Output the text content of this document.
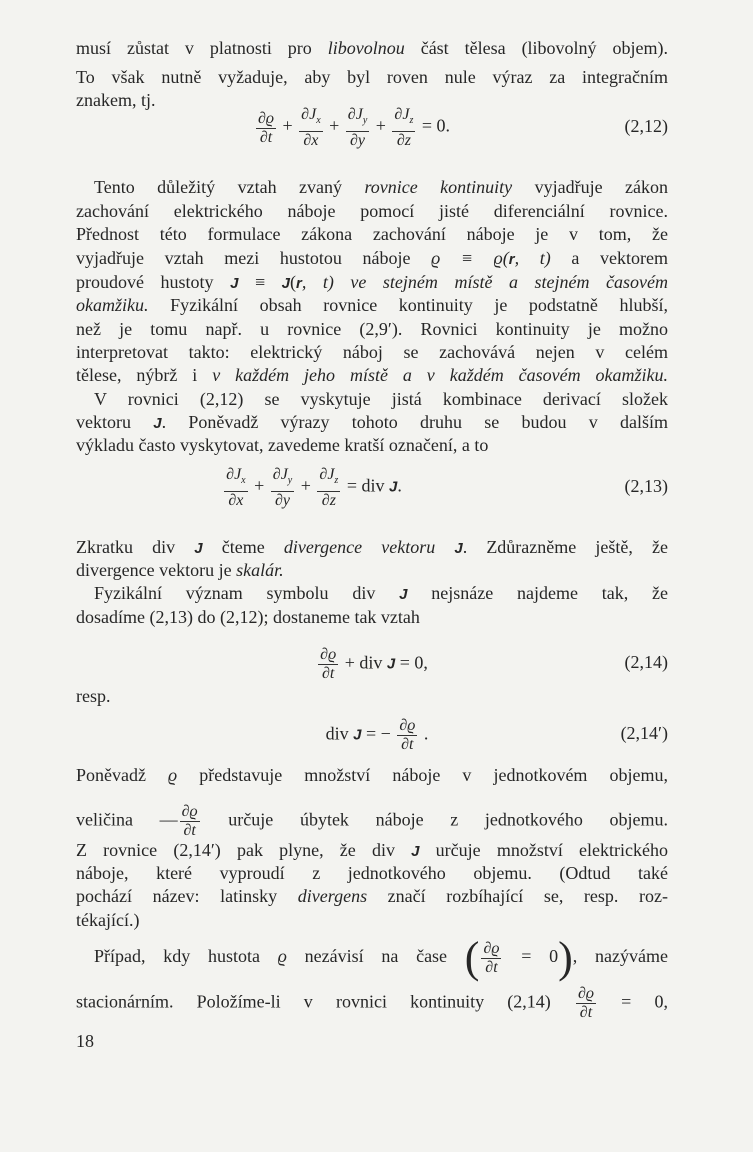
resp.
18
musí zůstat v platnosti pro libovolnou část tělesa (libovolný objem).
To však nutně vyžaduje, aby byl roven nule výraz za integračním
znakem, tj.
Tento důležitý vztah zvaný rovnice kontinuity vyjadřuje zákon
zachování elektrického náboje pomocí jisté diferenciální rovnice.
Přednost této formulace zákona zachování náboje je v tom, že
vyjadřuje vztah mezi hustotou náboje ϱ ≡ ϱ(r, t) a vektorem
proudové hustoty J ≡ J(r, t) ve stejném místě a stejném časovém
okamžiku. Fyzikální obsah rovnice kontinuity je podstatně hlubší,
než je tomu např. u rovnice (2,9′). Rovnici kontinuity je možno
interpretovat takto: elektrický náboj se zachovává nejen v celém
tělese, nýbrž i v každém jeho místě a v každém časovém okamžiku.
V rovnici (2,12) se vyskytuje jistá kombinace derivací složek
vektoru J. Poněvadž výrazy tohoto druhu se budou v dalším
výkladu často vyskytovat, zavedeme kratší označení, a to
Zkratku div J čteme divergence vektoru J. Zdůrazněme ještě, že
divergence vektoru je skalár.
Fyzikální význam symbolu div J nejsnáze najdeme tak, že
dosadíme (2,13) do (2,12); dostaneme tak vztah
Poněvadž ϱ představuje množství náboje v jednotkovém objemu,
veličina — $\frac{\partial ϱ}{\partial t}$ určuje úbytek náboje z jednotkového objemu.
Z rovnice (2,14′) pak plyne, že div J určuje množství elektrického
náboje, které vyproudí z jednotkového objemu. (Odtud také
pochází název: latinsky divergens značí rozbíhající se, resp. roz-
tékající.)
Případ, kdy hustota ϱ nezávisí na čase ( $\frac{\partial ϱ}{\partial t} = 0$), nazýváme
stacionárním. Položíme-li v rovnici kontinuity $(2,14) \frac{\partial ϱ}{\partial t} = 0$,
$\frac{\partial ϱ}{\partial t} + \frac{\partial J_x}{\partial x} + \frac{\partial J_y}{\partial y} + \frac{\partial J_z}{\partial z} = 0$.	(2,12)
$\frac{\partial J_x}{\partial x} + \frac{\partial J_y}{\partial y} + \frac{\partial J_z}{\partial z}$ = div J.	(2,13)
$\frac{\partial ϱ}{\partial t}$ + div J = 0,	(2,14)
div J = − $\frac{\partial ϱ}{\partial t}$ .	(2,14′)
